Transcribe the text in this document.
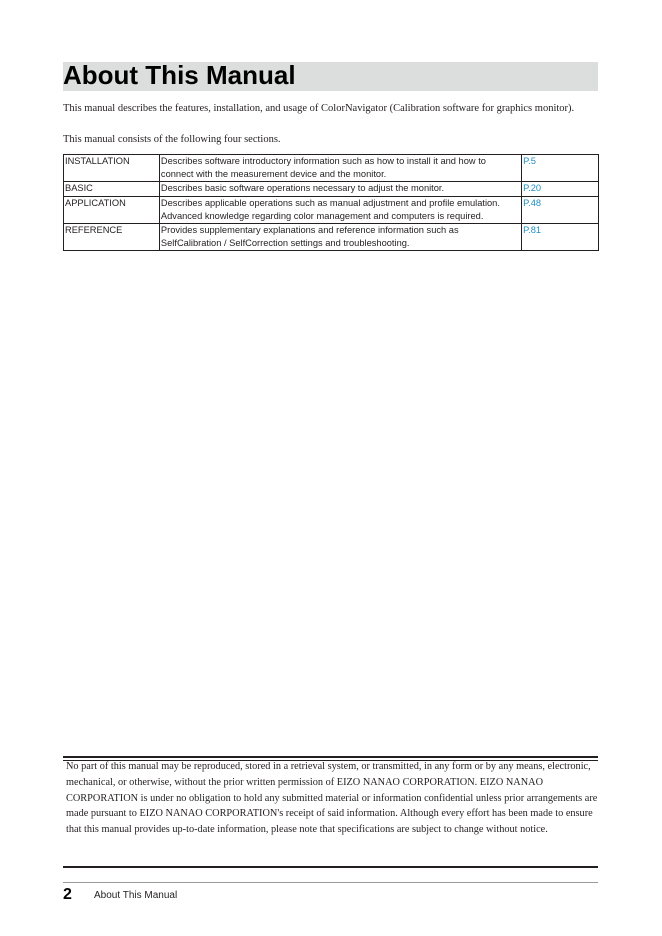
About This Manual

This manual describes the features, installation, and usage of ColorNavigator (Calibration software for graphics monitor).

This manual consists of the following four sections.

INSTALLATION	Describes software introductory information such as how to install it and how to connect with the measurement device and the monitor.	P.5
BASIC	Describes basic software operations necessary to adjust the monitor.	P.20
APPLICATION	Describes applicable operations such as manual adjustment and profile emulation. Advanced knowledge regarding color management and computers is required.	P.48
REFERENCE	Provides supplementary explanations and reference information such as SelfCalibration / SelfCorrection settings and troubleshooting.	P.81

No part of this manual may be reproduced, stored in a retrieval system, or transmitted, in any form or by any means, electronic, mechanical, or otherwise, without the prior written permission of EIZO NANAO CORPORATION. EIZO NANAO CORPORATION is under no obligation to hold any submitted material or information confidential unless prior arrangements are made pursuant to EIZO NANAO CORPORATION's receipt of said information. Although every effort has been made to ensure that this manual provides up-to-date information, please note that specifications are subject to change without notice.

2 About This Manual
